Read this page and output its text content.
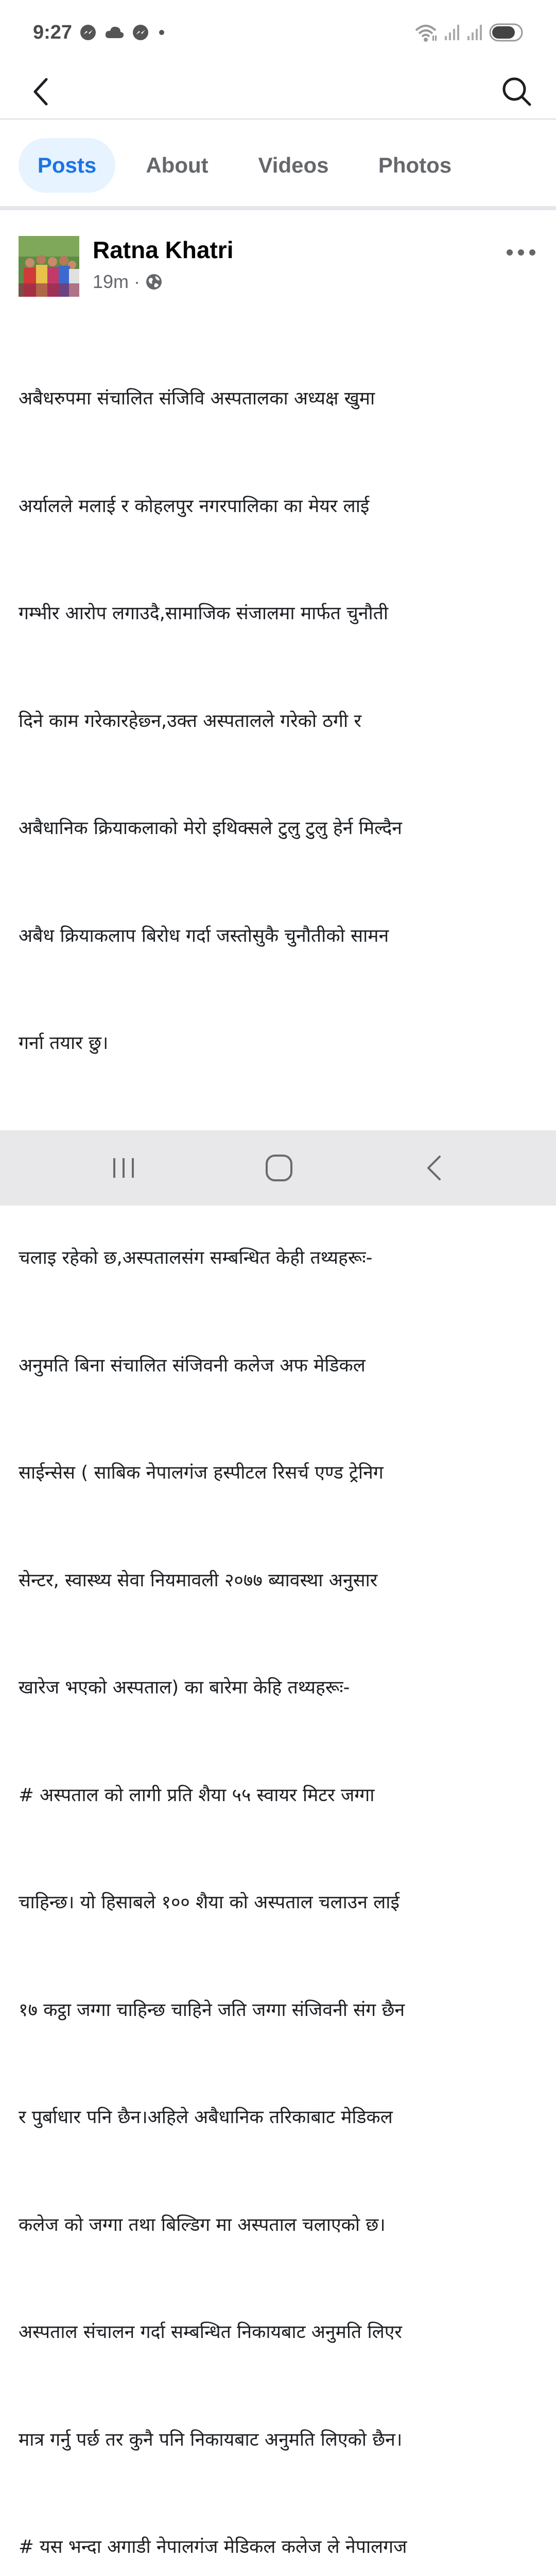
9:27
Posts	About	Videos Photos
Ratna Khatri
19m ·

अबैधरुपमा संचालित संजिवि अस्पतालका अध्यक्ष खुमा

अर्यालले मलाई र कोहलपुर नगरपालिका का मेयर लाई

गम्भीर आरोप लगाउदै,सामाजिक संजालमा मार्फत चुनौती

दिने काम गरेकारहेछ्न,उक्त अस्पतालले गरेको ठगी र

अबैधानिक क्रियाकलाको मेरो इथिक्सले टुलु टुलु हेर्न मिल्दैन

अबैध क्रियाकलाप बिरोध गर्दा जस्तोसुकै चुनौतीको सामन

गर्ना तयार छु।

चलाइ रहेको छ,अस्पतालसंग सम्बन्धित केही तथ्यहरूः-

अनुमति बिना संचालित संजिवनी कलेज अफ मेडिकल

साईन्सेस ( साबिक नेपालगंज हस्पीटल रिसर्च एण्ड ट्रेनिग

सेन्टर, स्वास्थ्य सेवा नियमावली २०७७ ब्यावस्था अनुसार

खारेज भएको अस्पताल) का बारेमा केहि तथ्यहरूः-

# अस्पताल को लागी प्रति शैया ५५ स्वायर मिटर जग्गा

चाहिन्छ। यो हिसाबले १०० शैया को अस्पताल चलाउन लाई

१७ कट्ठा जग्गा चाहिन्छ चाहिने जति जग्गा संजिवनी संग छैन

र पुर्बाधार पनि छैन।अहिले अबैधानिक तरिकाबाट मेडिकल

कलेज को जग्गा तथा बिल्डिग मा अस्पताल चलाएको छ।

अस्पताल संचालन गर्दा सम्बन्धित निकायबाट अनुमति लिएर

मात्र गर्नु पर्छ तर कुनै पनि निकायबाट अनुमति लिएको छैन।

# यस भन्दा अगाडी नेपालगंज मेडिकल कलेज ले नेपालगज
